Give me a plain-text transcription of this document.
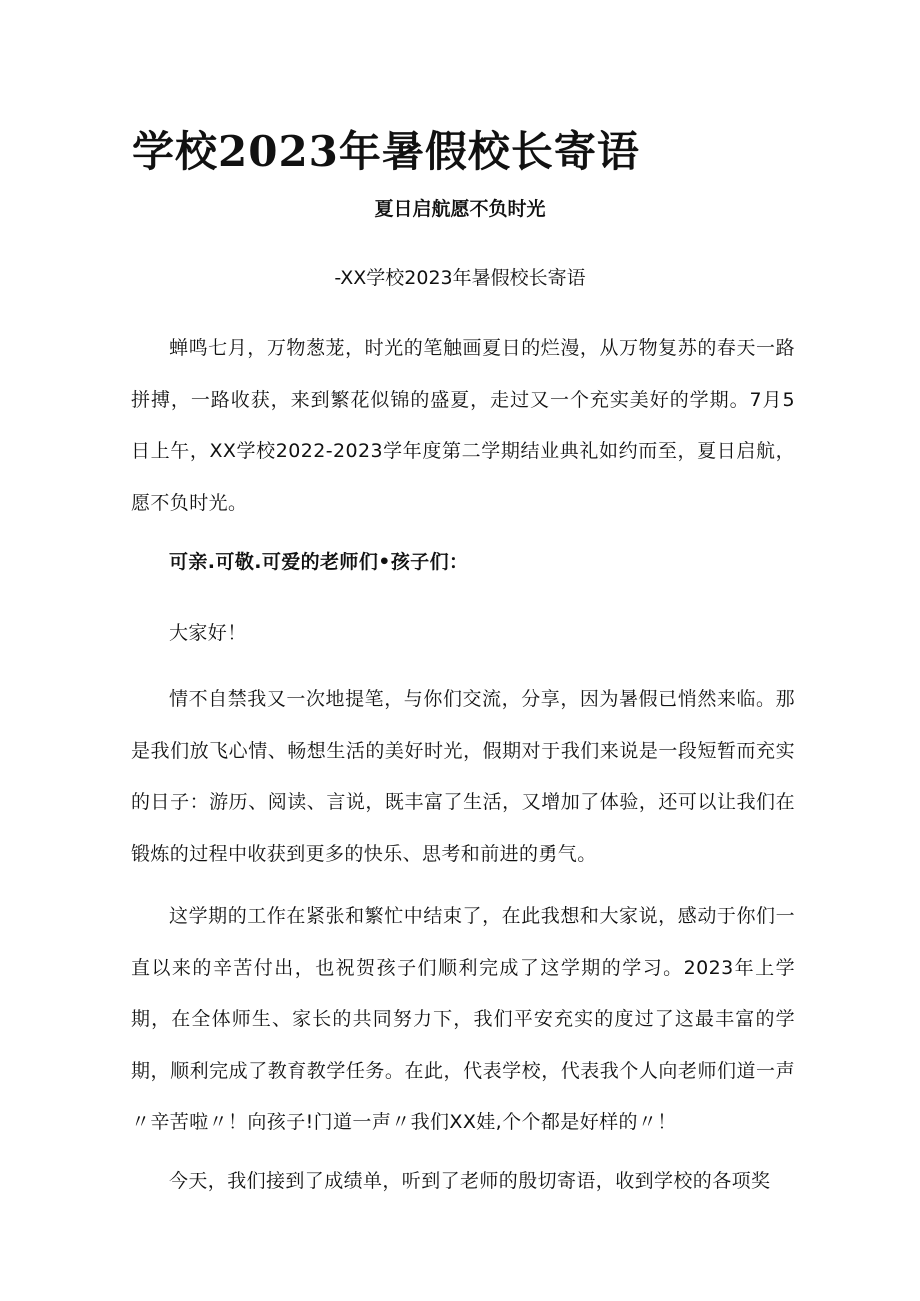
学校2023年暑假校长寄语
夏日启航愿不负时光
-XX学校2023年暑假校长寄语

蝉鸣七月，万物葱茏，时光的笔触画夏日的烂漫，从万物复苏的春天一路拼搏，一路收获，来到繁花似锦的盛夏，走过又一个充实美好的学期。7月5日上午，XX学校2022-2023学年度第二学期结业典礼如约而至，夏日启航，愿不负时光。

可亲.可敬.可爱的老师们•孩子们：

大家好！

情不自禁我又一次地提笔，与你们交流，分享，因为暑假已悄然来临。那是我们放飞心情、畅想生活的美好时光，假期对于我们来说是一段短暂而充实的日子：游历、阅读、言说，既丰富了生活，又增加了体验，还可以让我们在锻炼的过程中收获到更多的快乐、思考和前进的勇气。

这学期的工作在紧张和繁忙中结束了，在此我想和大家说，感动于你们一直以来的辛苦付出，也祝贺孩子们顺利完成了这学期的学习。2023年上学期，在全体师生、家长的共同努力下，我们平安充实的度过了这最丰富的学期，顺利完成了教育教学任务。在此，代表学校，代表我个人向老师们道一声〃辛苦啦〃！向孩子!门道一声〃我们XX娃,个个都是好样的〃！

今天，我们接到了成绩单，听到了老师的殷切寄语，收到学校的各项奖
